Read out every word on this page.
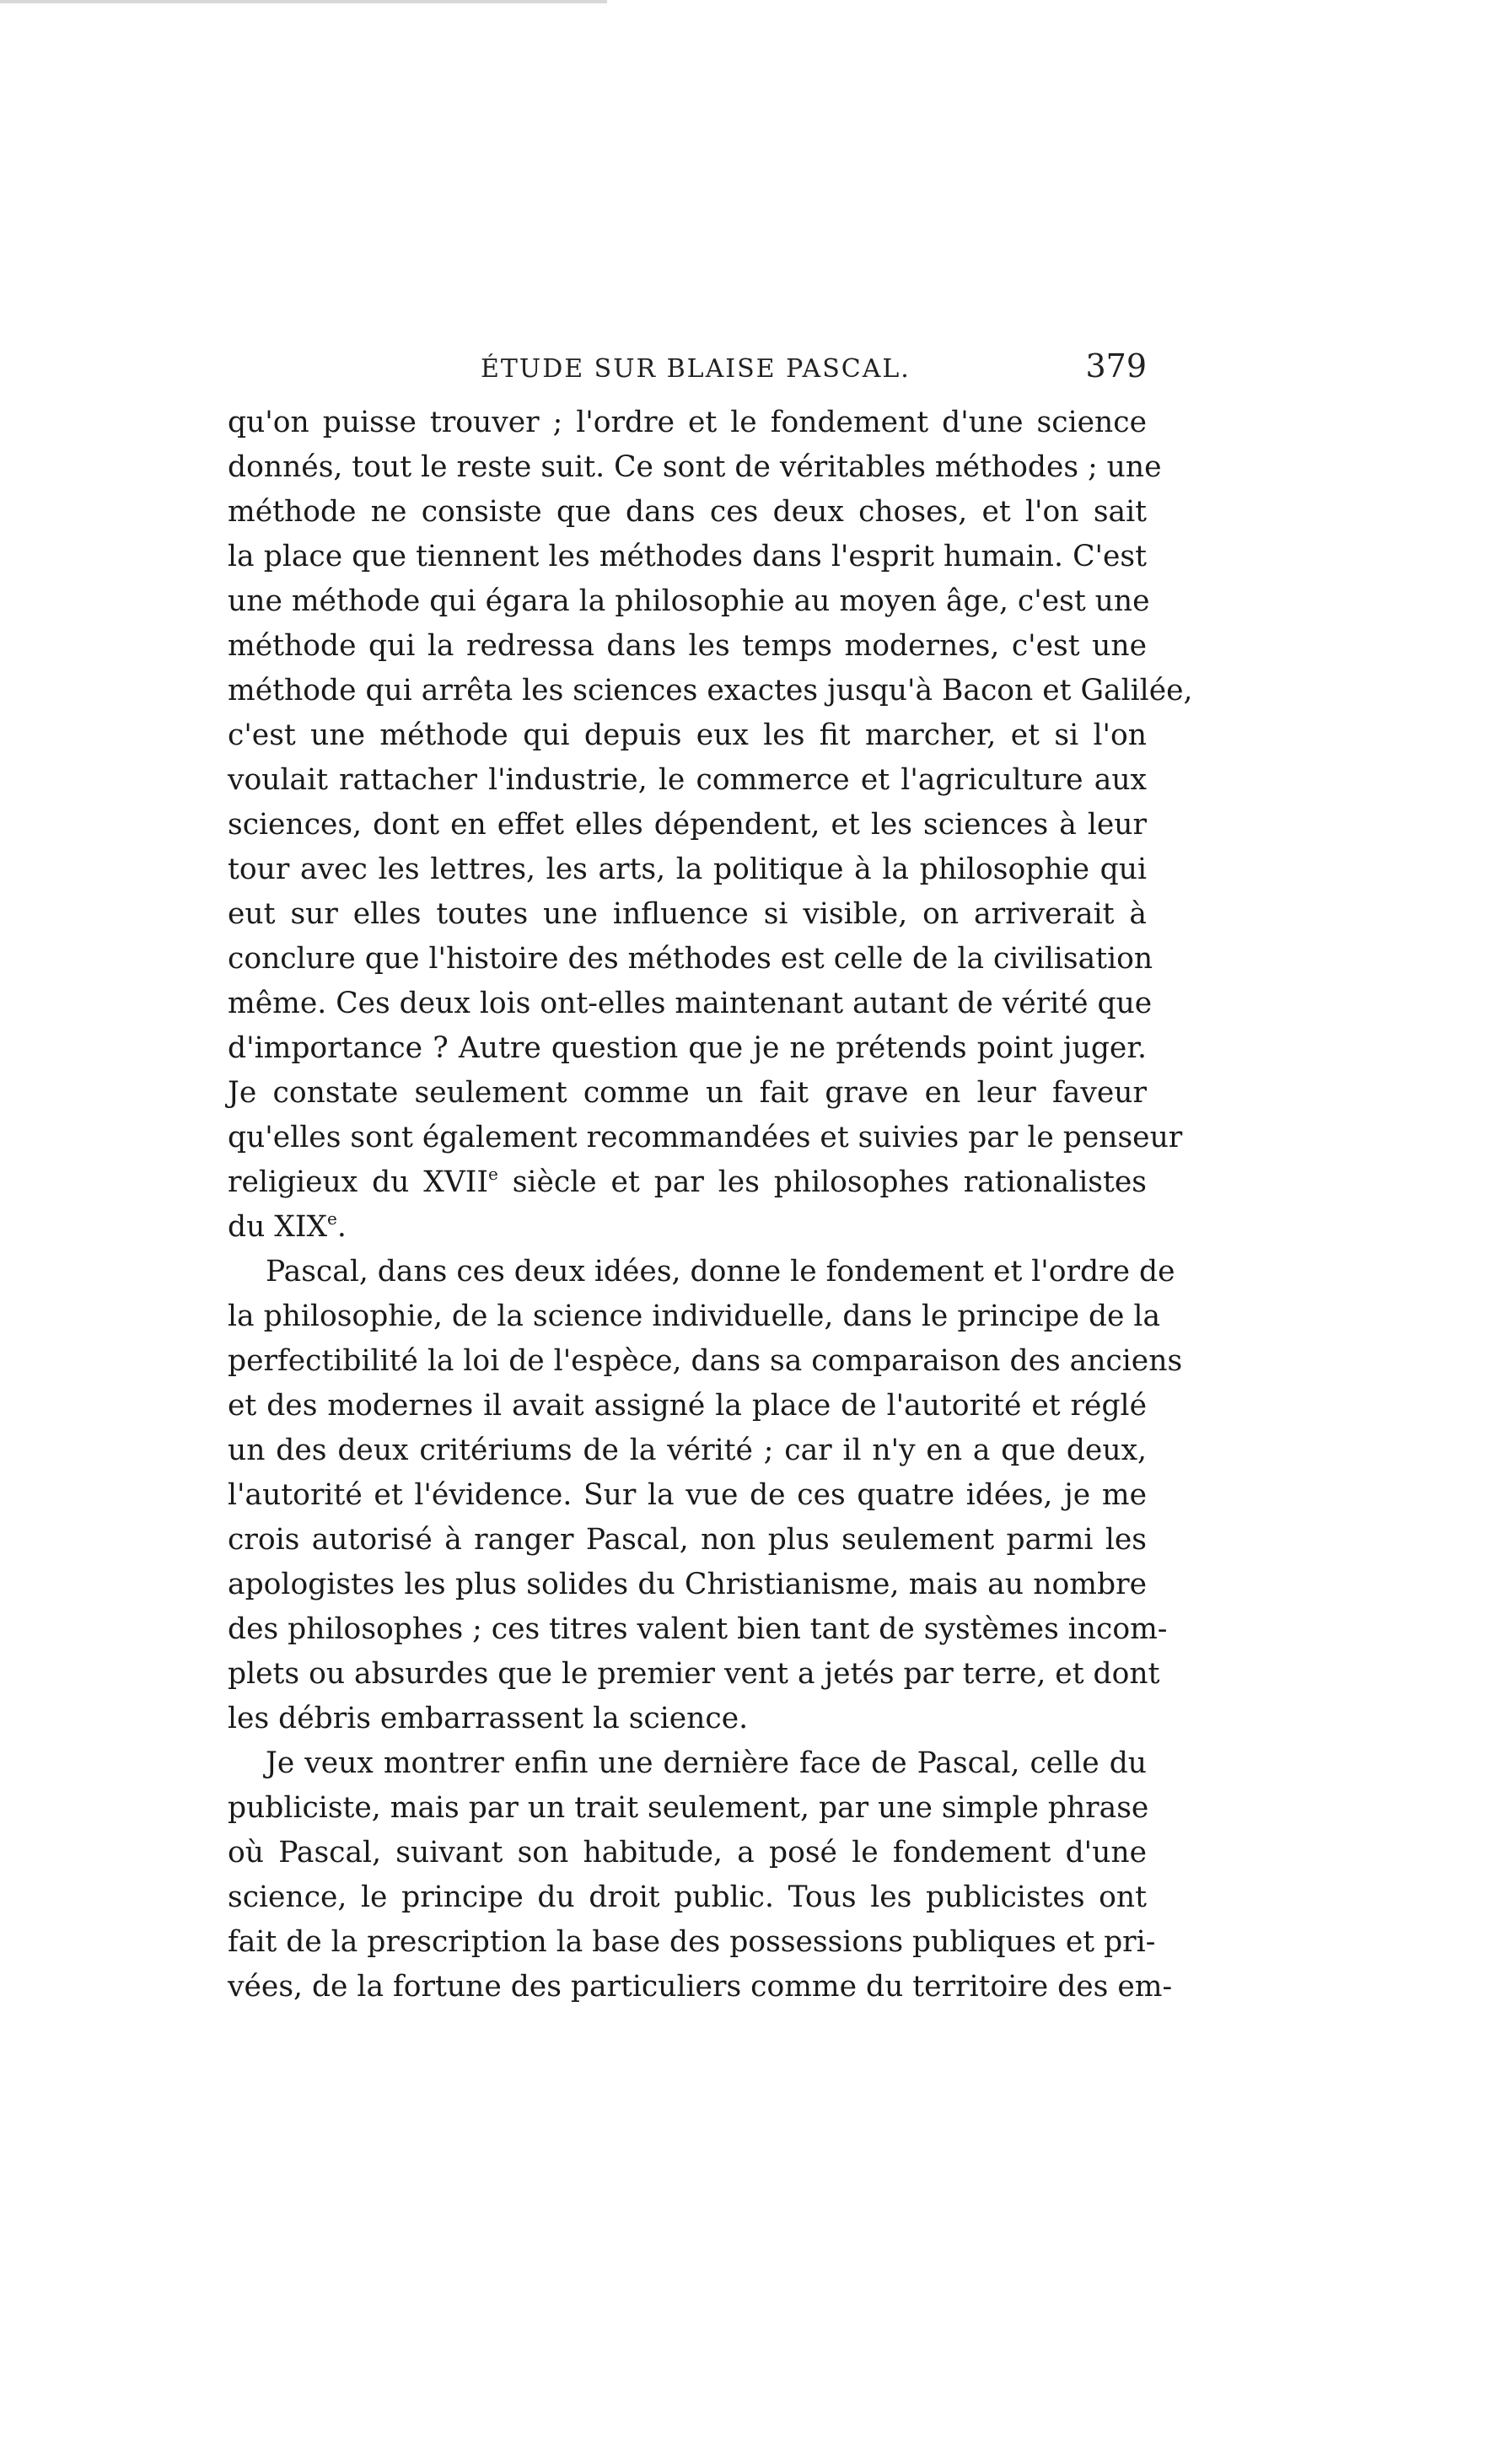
ÉTUDE SUR BLAISE PASCAL.	379
qu'on puisse trouver ; l'ordre et le fondement d'une science
donnés, tout le reste suit. Ce sont de véritables méthodes ; une
méthode ne consiste que dans ces deux choses, et l'on sait
la place que tiennent les méthodes dans l'esprit humain. C'est
une méthode qui égara la philosophie au moyen âge, c'est une
méthode qui la redressa dans les temps modernes, c'est une
méthode qui arrêta les sciences exactes jusqu'à Bacon et Galilée,
c'est une méthode qui depuis eux les fit marcher, et si l'on
voulait rattacher l'industrie, le commerce et l'agriculture aux
sciences, dont en effet elles dépendent, et les sciences à leur
tour avec les lettres, les arts, la politique à la philosophie qui
eut sur elles toutes une influence si visible, on arriverait à
conclure que l'histoire des méthodes est celle de la civilisation
même. Ces deux lois ont-elles maintenant autant de vérité que
d'importance ? Autre question que je ne prétends point juger.
Je constate seulement comme un fait grave en leur faveur
qu'elles sont également recommandées et suivies par le penseur
religieux du XVIIe siècle et par les philosophes rationalistes
du XIXe.
Pascal, dans ces deux idées, donne le fondement et l'ordre de
la philosophie, de la science individuelle, dans le principe de la
perfectibilité la loi de l'espèce, dans sa comparaison des anciens
et des modernes il avait assigné la place de l'autorité et réglé
un des deux critériums de la vérité ; car il n'y en a que deux,
l'autorité et l'évidence. Sur la vue de ces quatre idées, je me
crois autorisé à ranger Pascal, non plus seulement parmi les
apologistes les plus solides du Christianisme, mais au nombre
des philosophes ; ces titres valent bien tant de systèmes incom-
plets ou absurdes que le premier vent a jetés par terre, et dont
les débris embarrassent la science.
Je veux montrer enfin une dernière face de Pascal, celle du
publiciste, mais par un trait seulement, par une simple phrase
où Pascal, suivant son habitude, a posé le fondement d'une
science, le principe du droit public. Tous les publicistes ont
fait de la prescription la base des possessions publiques et pri-
vées, de la fortune des particuliers comme du territoire des em-
